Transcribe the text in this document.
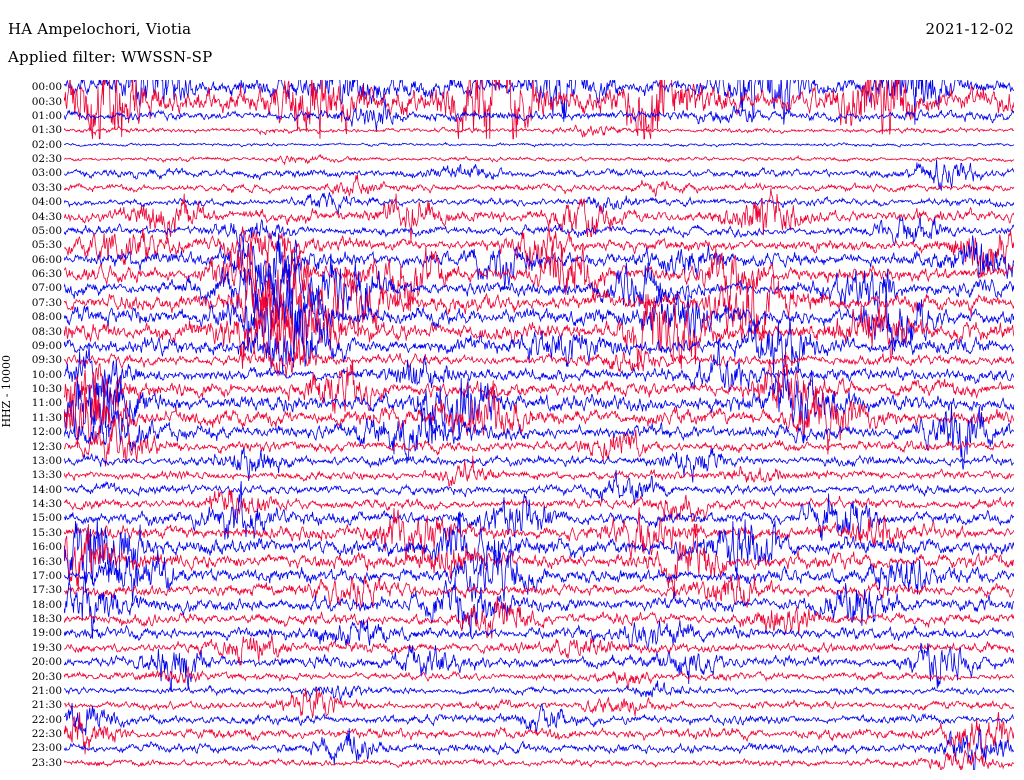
HA Ampelochori, Viotia	2021-12-02
Applied filter: WWSSN-SP
HHZ - 10000
00:00
00:30
01:00
01:30
02:00
02:30
03:00
03:30
04:00
04:30
05:00
05:30
06:00
06:30
07:00
07:30
08:00
08:30
09:00
09:30
10:00
10:30
11:00
11:30
12:00
12:30
13:00
13:30
14:00
14:30
15:00
15:30
16:00
16:30
17:00
17:30
18:00
18:30
19:00
19:30
20:00
20:30
21:00
21:30
22:00
22:30
23:00
23:30
